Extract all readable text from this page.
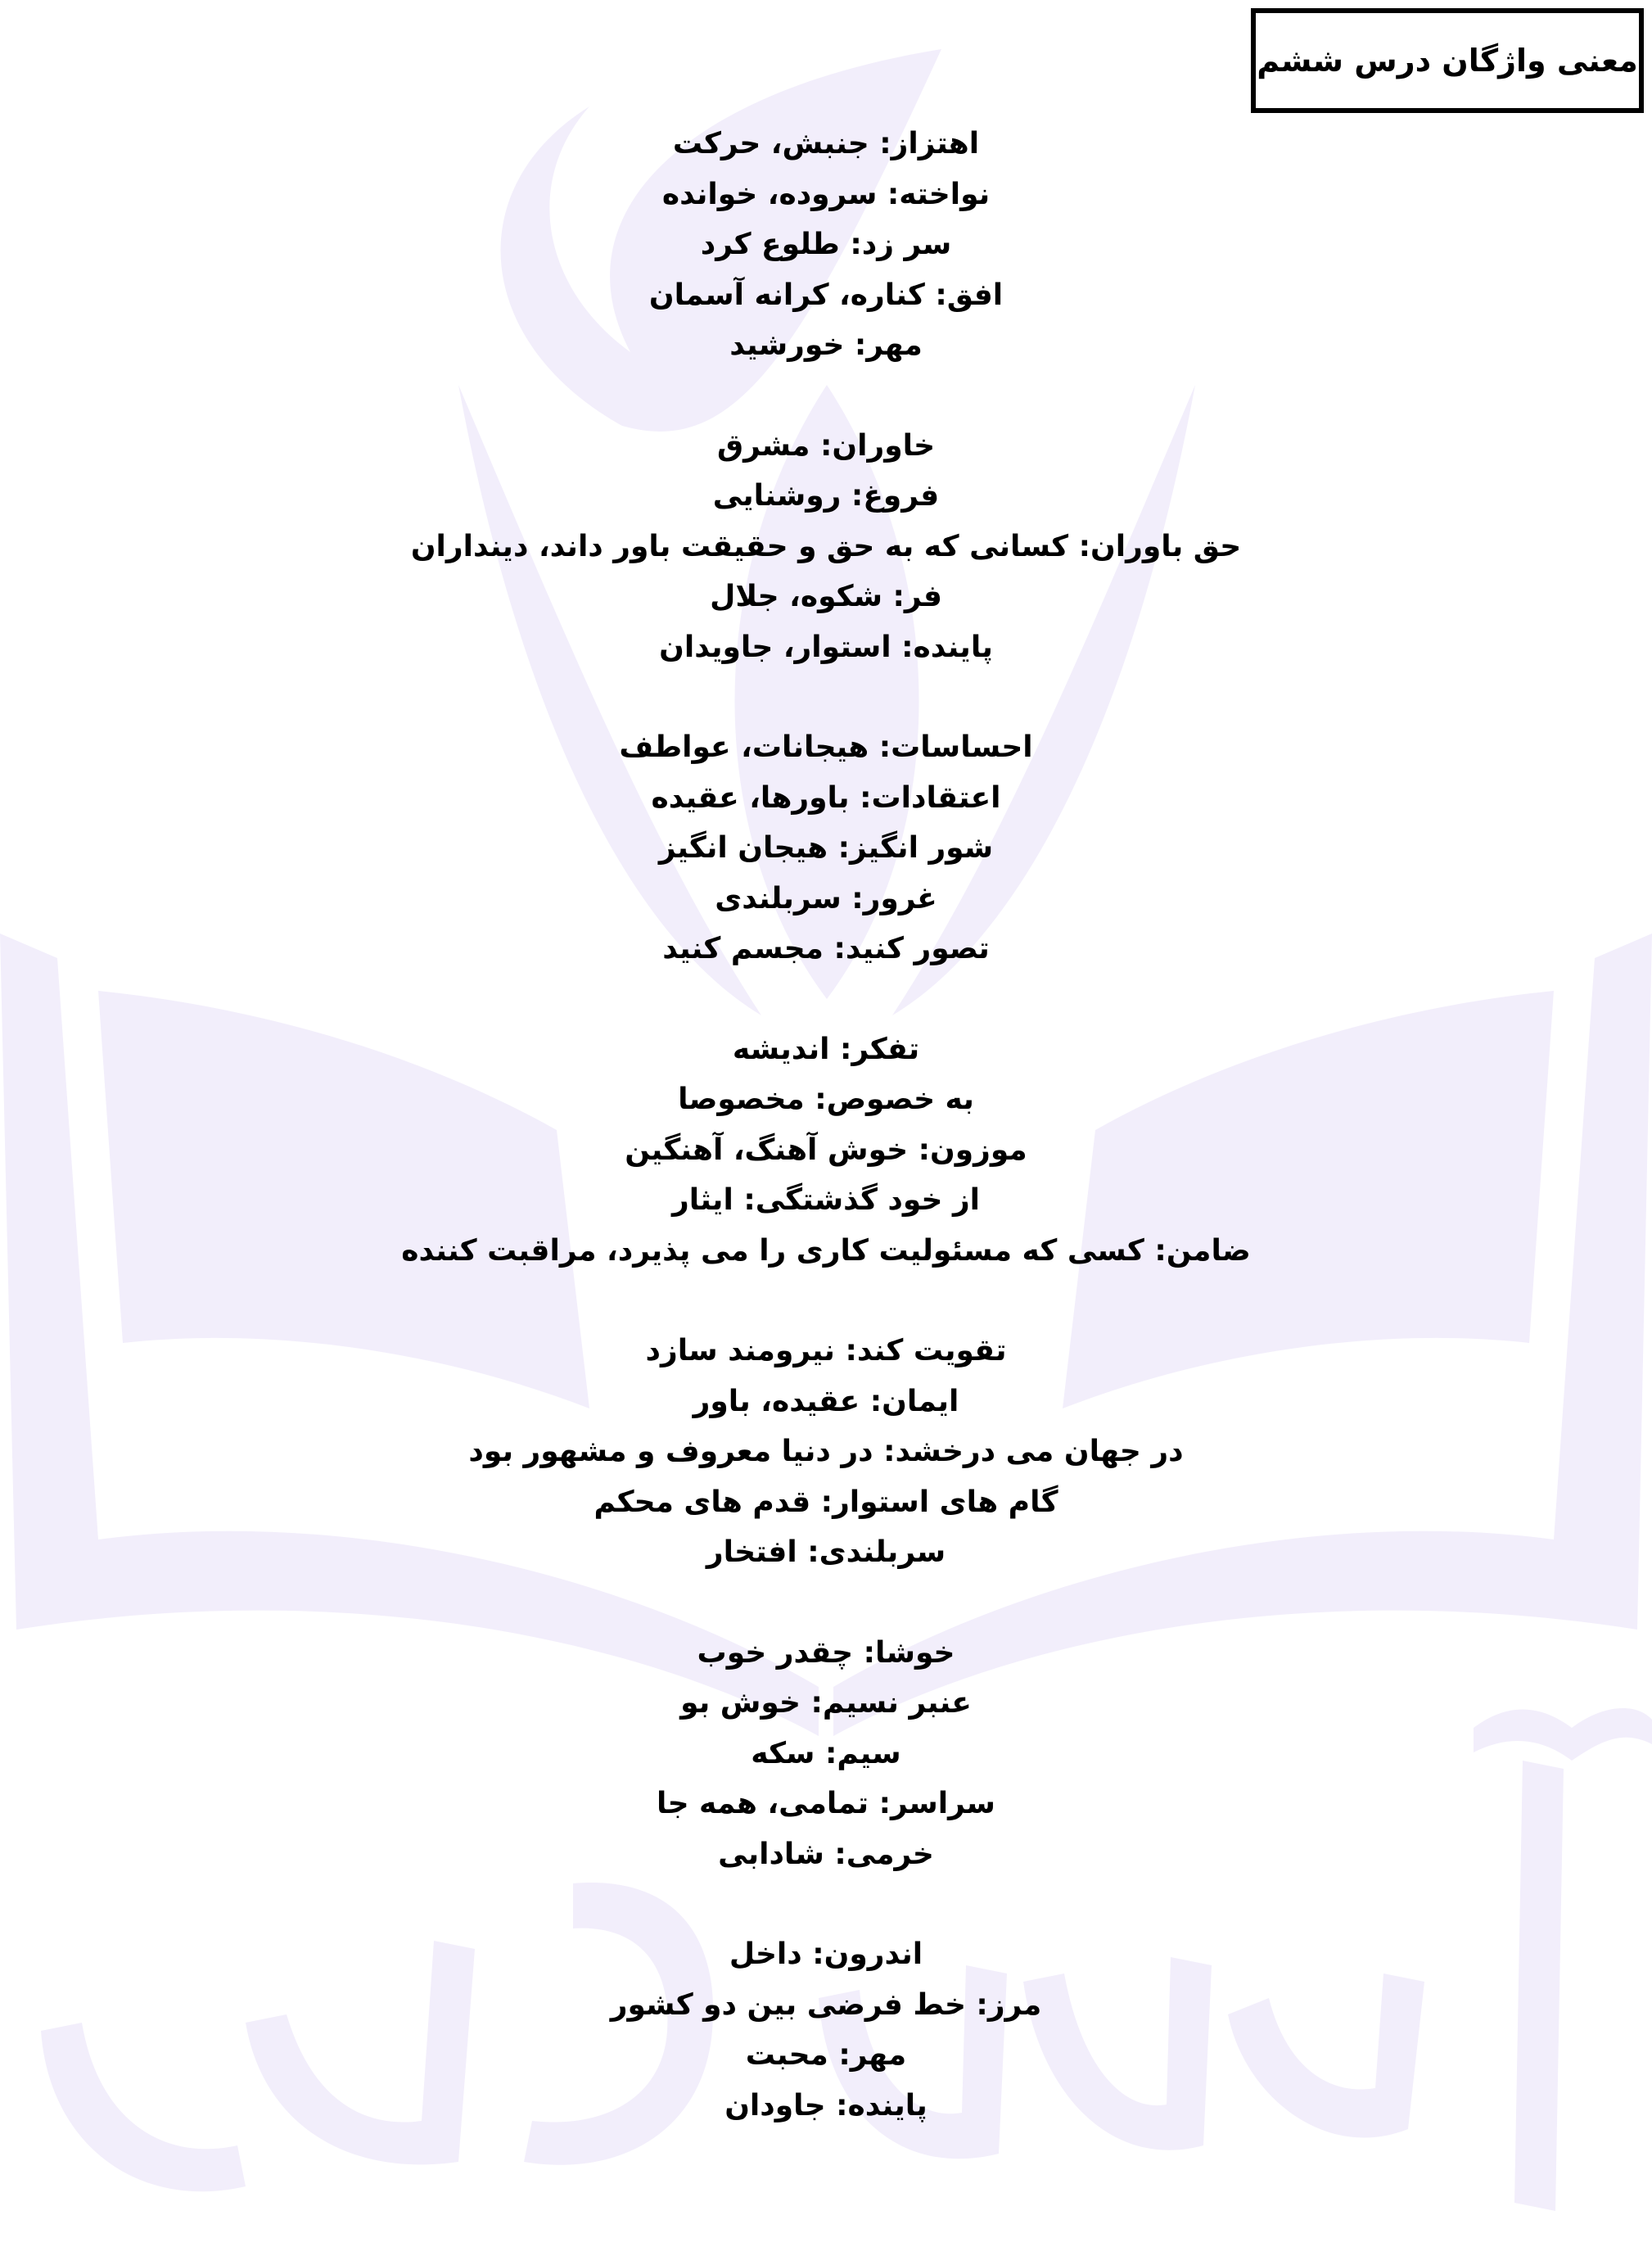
معنی واژگان درس ششم
اهتزاز: جنبش، حرکت
نواخته: سروده، خوانده
سر زد: طلوع کرد
افق: کناره، کرانه آسمان
مهر: خورشید
خاوران: مشرق
فروغ: روشنایی
حق باوران: کسانی که به حق و حقیقت باور داند، دینداران
فر: شکوه، جلال
پاینده: استوار، جاویدان
احساسات: هیجانات، عواطف
اعتقادات: باورها، عقیده
شور انگیز: هیجان انگیز
غرور: سربلندی
تصور کنید: مجسم کنید
تفکر: اندیشه
به خصوص: مخصوصا
موزون: خوش آهنگ، آهنگین
از خود گذشتگی: ایثار
ضامن: کسی که مسئولیت کاری را می پذیرد، مراقبت کننده
تقویت کند: نیرومند سازد
ایمان: عقیده، باور
در جهان می درخشد: در دنیا معروف و مشهور بود
گام های استوار: قدم های محکم
سربلندی: افتخار
خوشا: چقدر خوب
عنبر نسیم: خوش بو
سیم: سکه
سراسر: تمامی، همه جا
خرمی: شادابی
اندرون: داخل
مرز: خط فرضی بین دو کشور
مهر: محبت
پاینده: جاودان
